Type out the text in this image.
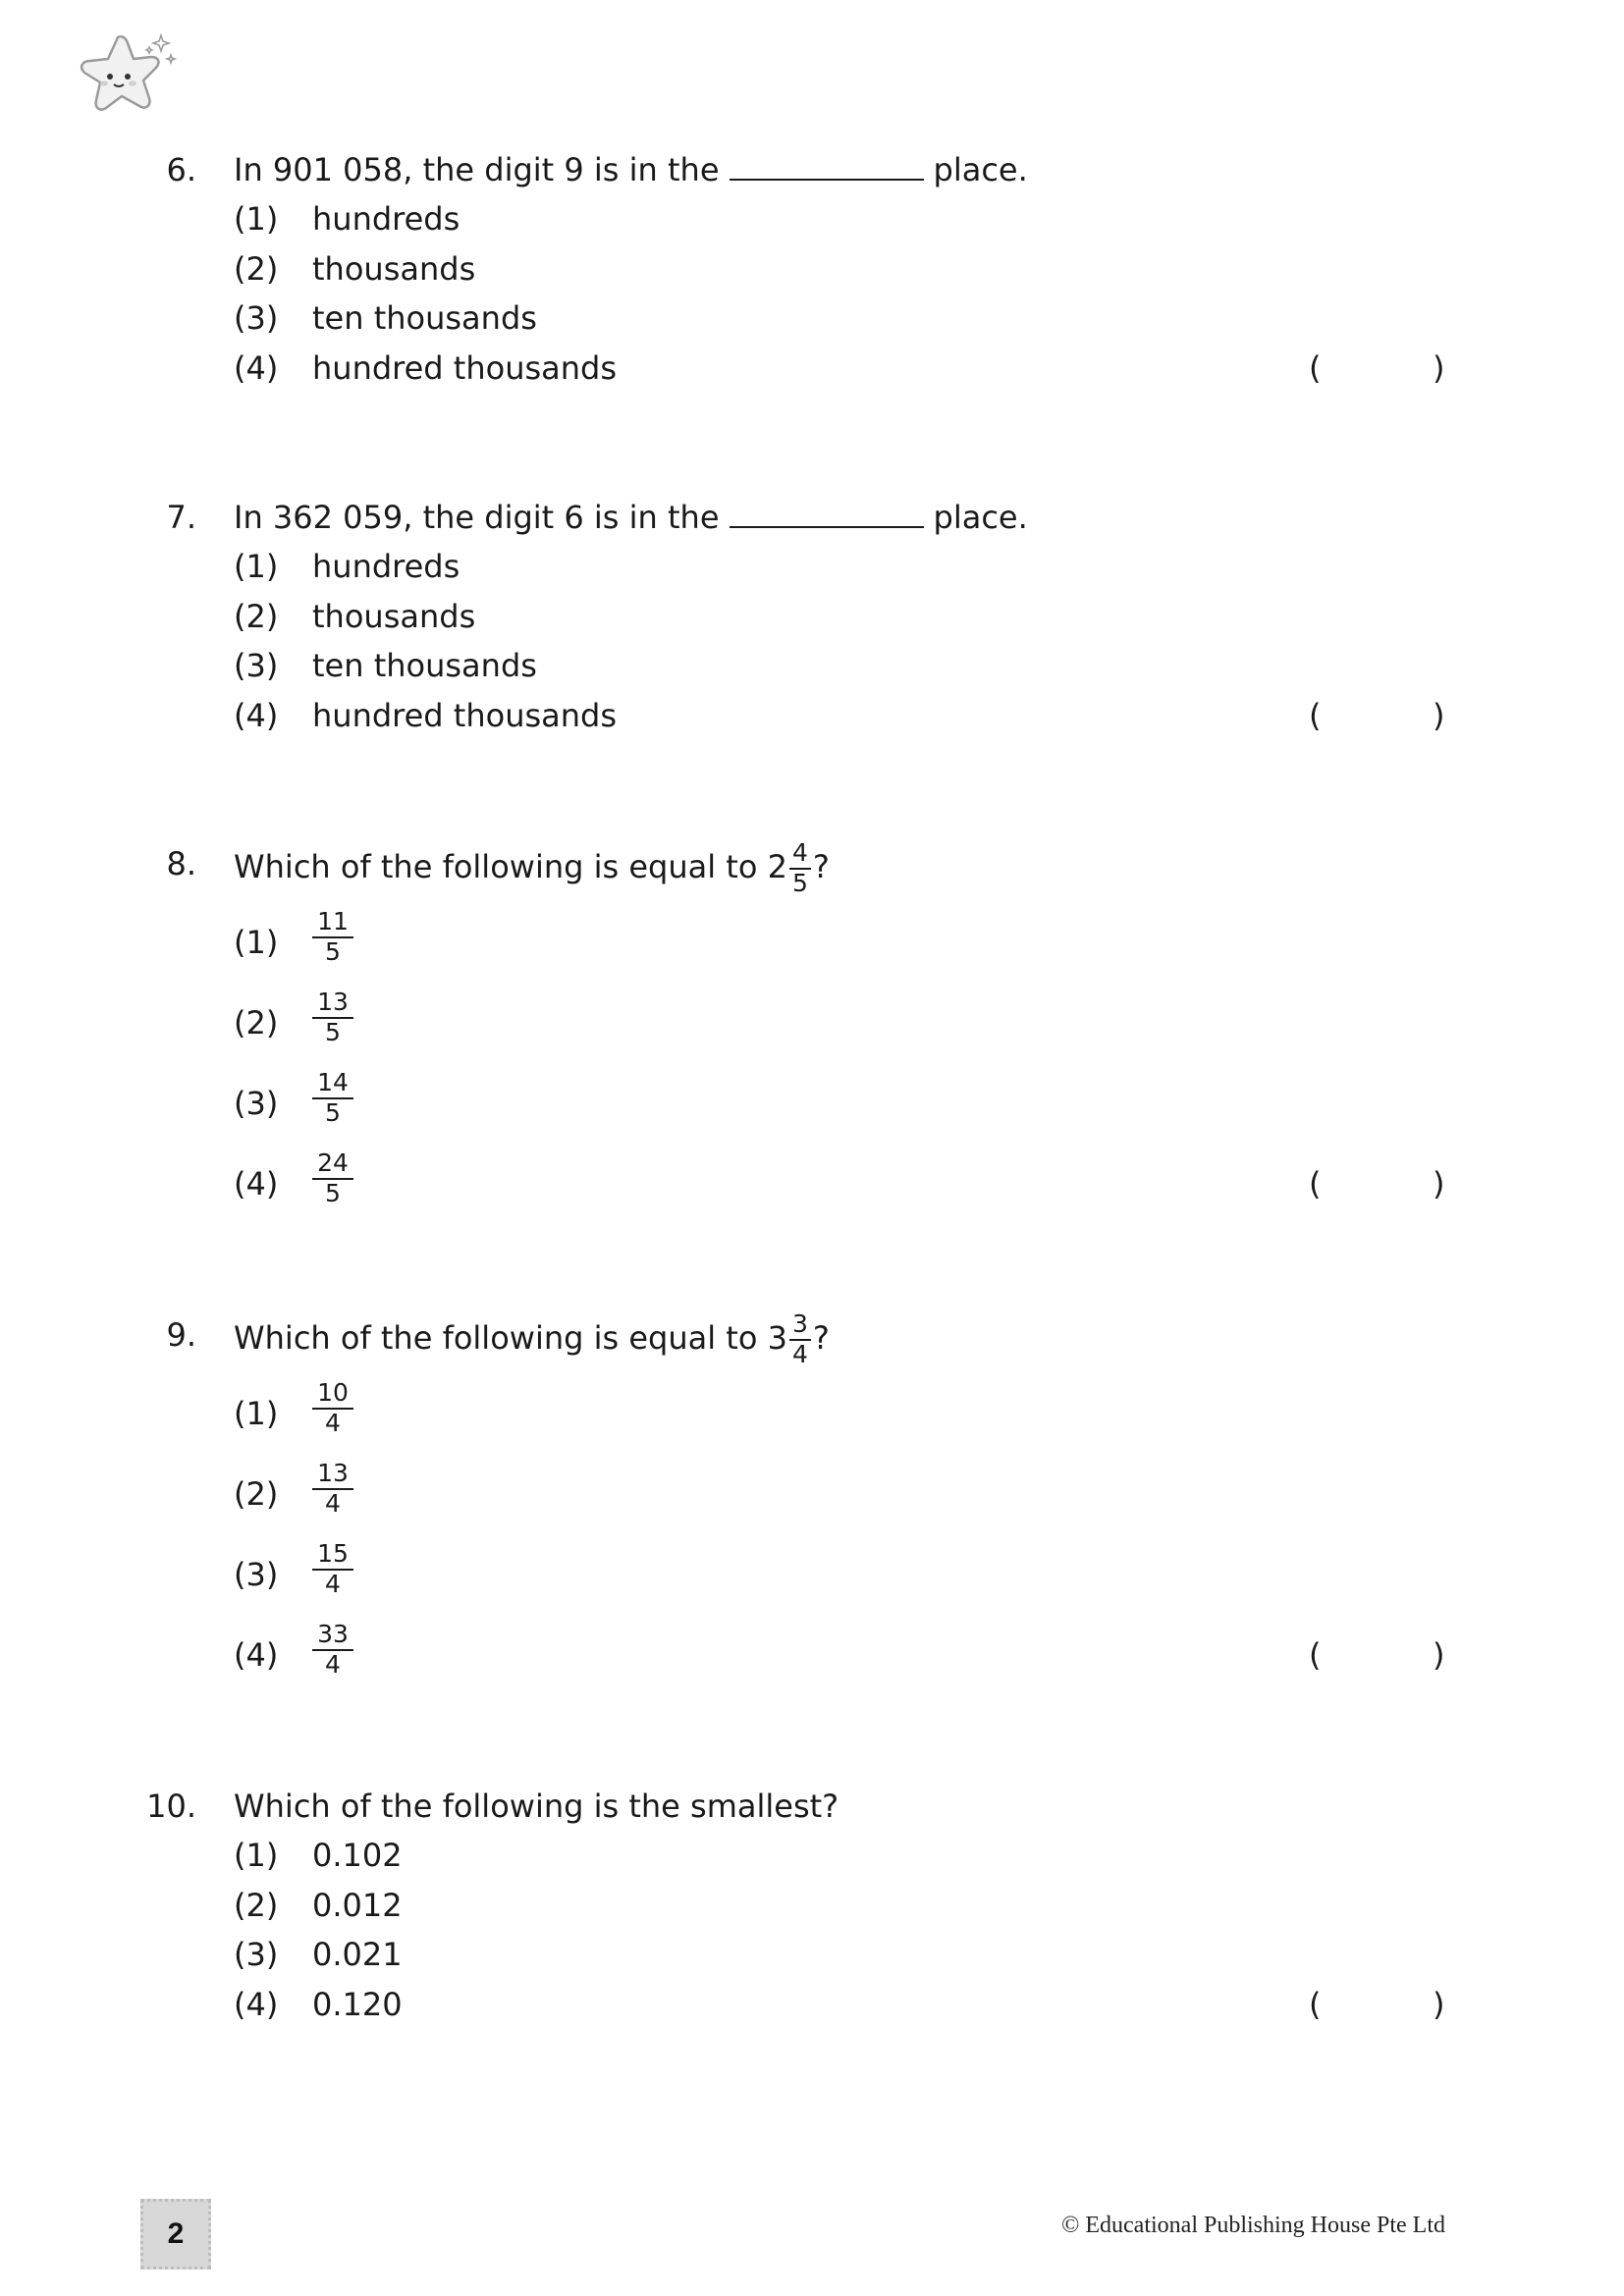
6. In 901 058, the digit 9 is in the	place.
(1) hundreds
(2) thousands
(3) ten thousands
(4) hundred thousands	(	)
7. In 362 059, the digit 6 is in the	place.
(1) hundreds
(2) thousands
(3) ten thousands
(4) hundred thousands	(	)
8. Which of the following is equal to $2 \frac{4}{5}$ ?
$(1) \frac{11}{5}$
$(2) \frac{13}{5}$
$(3) \frac{14}{5}$
$(4) \frac{24}{5}$	(	)
9. Which of the following is equal to $3 \frac{3}{4}$ ?
$(1) \frac{10}{4}$
$(2) \frac{13}{4}$
$(3) \frac{15}{4}$
$(4) \frac{33}{4}$	(	)
10. Which of the following is the smallest?
(1) 0.102
(2) 0.012
(3) 0.021
(4) 0.120	(	)
2	© Educational Publishing House Pte Ltd
